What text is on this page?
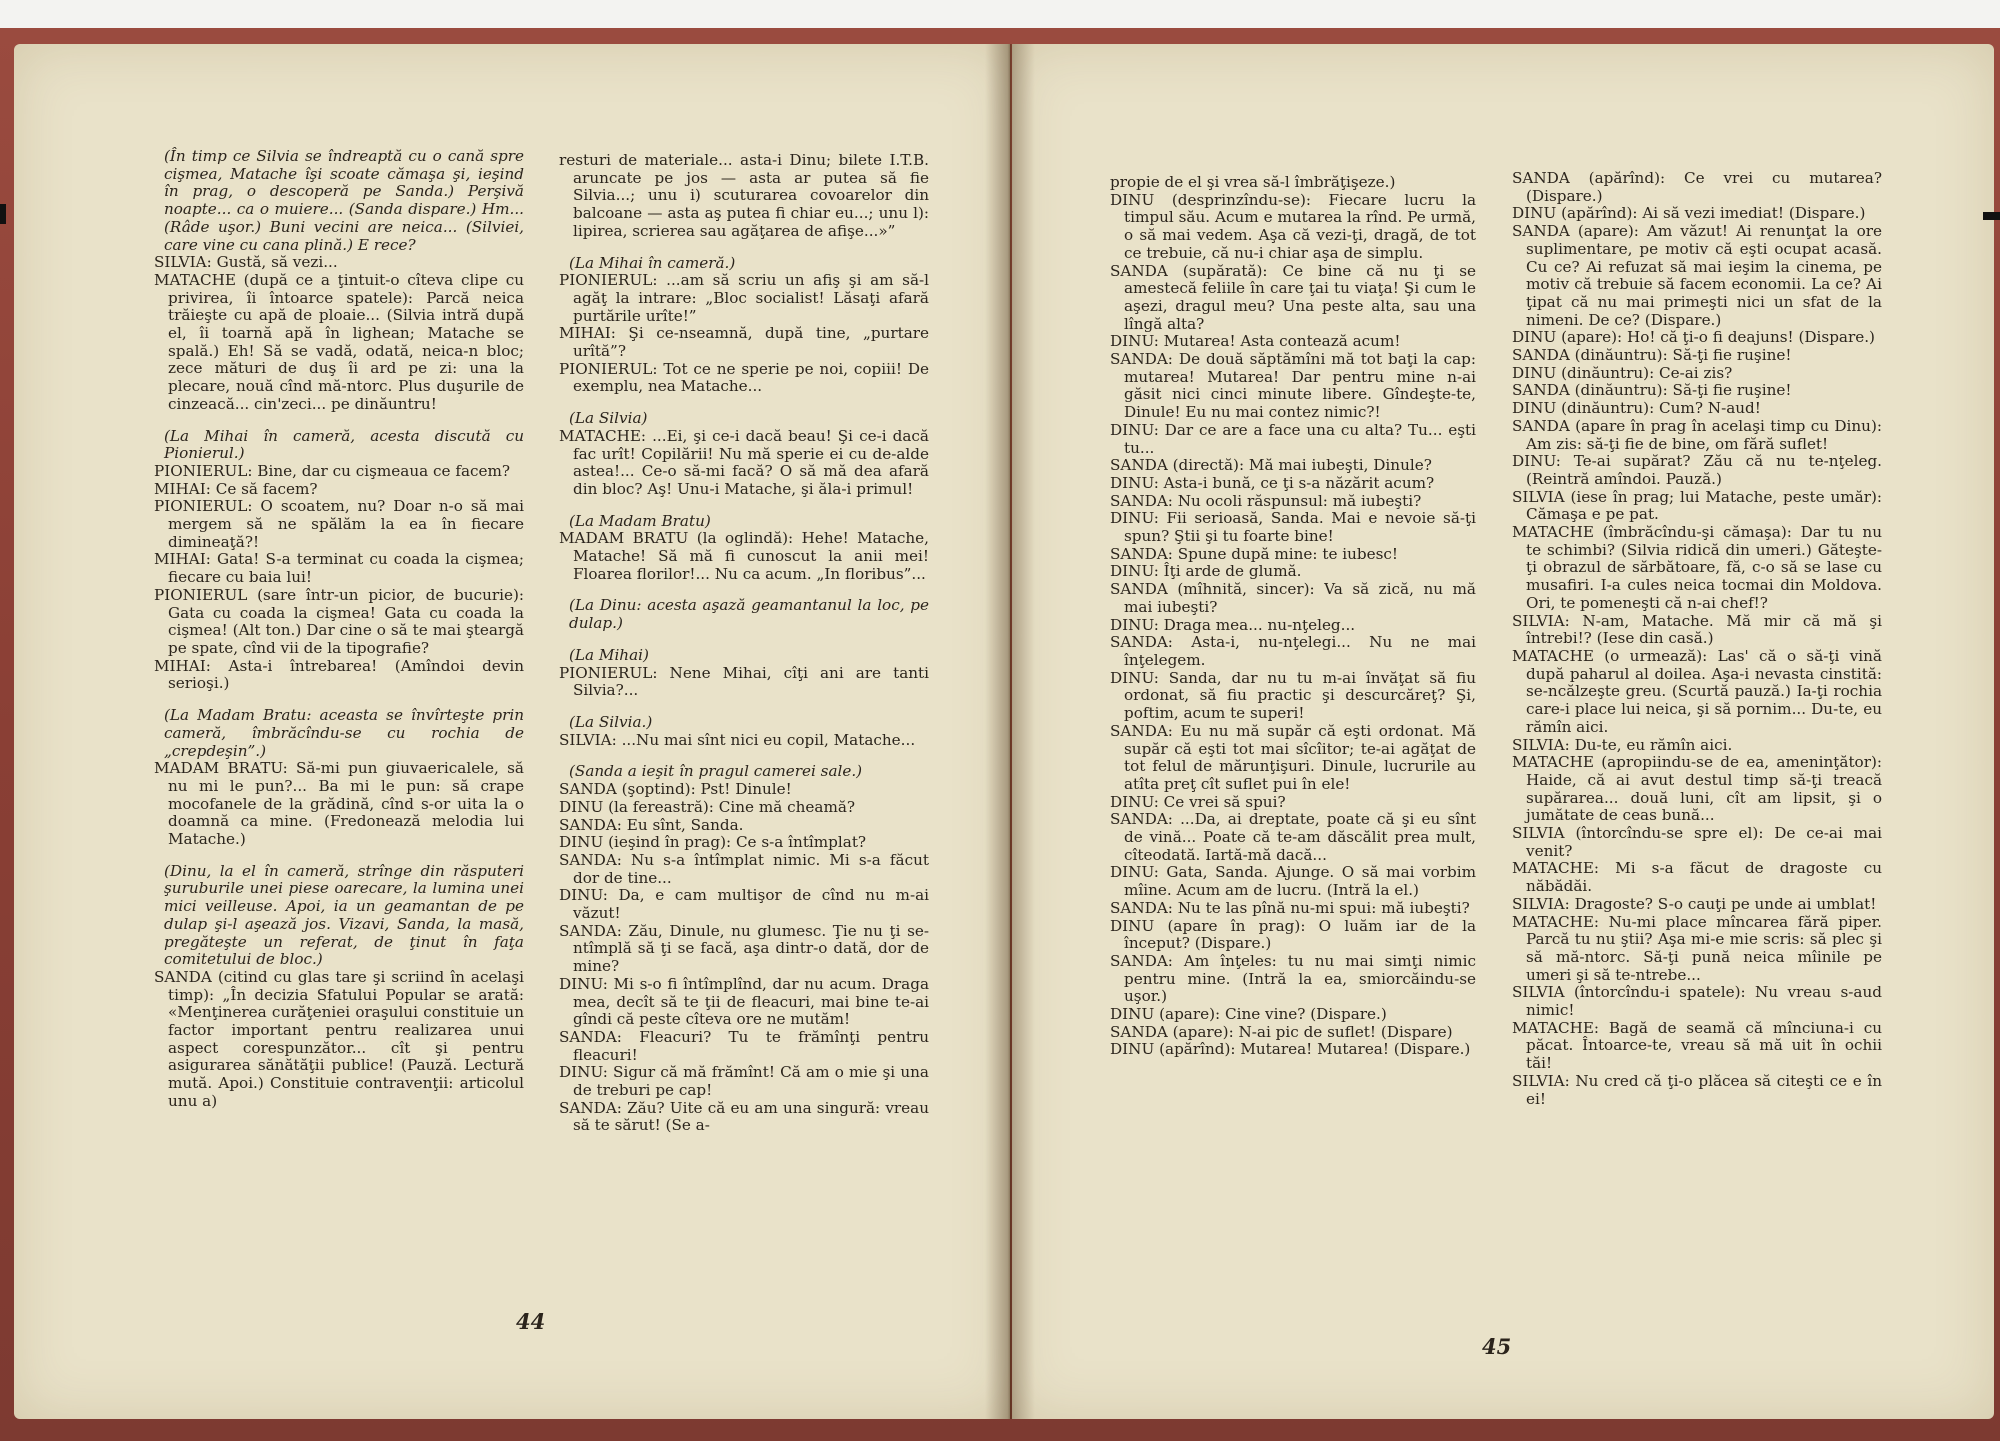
(În timp ce Silvia se îndreaptă cu o cană spre cişmea, Matache îşi scoate cămaşa şi, ieşind în prag, o descoperă pe Sanda.) Perşivă noapte... ca o muiere... (Sanda dispare.) Hm... (Râde uşor.) Buni vecini are neica... (Silviei, care vine cu cana plină.) E rece?

SILVIA: Gustă, să vezi...

MATACHE (după ce a ţintuit-o cîteva clipe cu privirea, îi întoarce spatele): Parcă neica trăieşte cu apă de ploaie... (Silvia intră după el, îi toarnă apă în lighean; Matache se spală.) Eh! Să se vadă, odată, neica-n bloc; zece mături de duş îi ard pe zi: una la plecare, nouă cînd mă-ntorc. Plus duşurile de cinzeacă... cin'zeci... pe dinăuntru!

(La Mihai în cameră, acesta discută cu Pionierul.)

PIONIERUL: Bine, dar cu cişmeaua ce facem?

MIHAI: Ce să facem?

PIONIERUL: O scoatem, nu? Doar n-o să mai mergem să ne spălăm la ea în fiecare dimineaţă?!

MIHAI: Gata! S-a terminat cu coada la cişmea; fiecare cu baia lui!

PIONIERUL (sare într-un picior, de bucurie): Gata cu coada la cişmea! Gata cu coada la cişmea! (Alt ton.) Dar cine o să te mai şteargă pe spate, cînd vii de la tipografie?

MIHAI: Asta-i întrebarea! (Amîndoi devin serioşi.)

(La Madam Bratu: aceasta se învîrteşte prin cameră, îmbrăcîndu-se cu rochia de „crepdeşin”.)

MADAM BRATU: Să-mi pun giuvaericalele, să nu mi le pun?... Ba mi le pun: să crape mocofanele de la grădină, cînd s-or uita la o doamnă ca mine. (Fredonează melodia lui Matache.)

(Dinu, la el în cameră, strînge din răsputeri şuruburile unei piese oarecare, la lumina unei mici veilleuse. Apoi, ia un geamantan de pe dulap şi-l aşează jos. Vizavi, Sanda, la masă, pregăteşte un referat, de ţinut în faţa comitetului de bloc.)

SANDA (citind cu glas tare şi scriind în acelaşi timp): „În decizia Sfatului Popular se arată: «Menţinerea curăţeniei oraşului constituie un factor important pentru realizarea unui aspect corespunzător... cît şi pentru asigurarea sănătăţii publice! (Pauză. Lectură mută. Apoi.) Constituie contravenţii: articolul unu a)

resturi de materiale... asta-i Dinu; bilete I.T.B. aruncate pe jos — asta ar putea să fie Silvia...; unu i) scuturarea covoarelor din balcoane — asta aş putea fi chiar eu...; unu l): lipirea, scrierea sau agăţarea de afişe...»”

(La Mihai în cameră.)

PIONIERUL: ...am să scriu un afiş şi am să-l agăţ la intrare: „Bloc socialist! Lăsaţi afară purtările urîte!”

MIHAI: Şi ce-nseamnă, după tine, „purtare urîtă”?

PIONIERUL: Tot ce ne sperie pe noi, copiii! De exemplu, nea Matache...

(La Silvia)

MATACHE: ...Ei, şi ce-i dacă beau! Şi ce-i dacă fac urît! Copilării! Nu mă sperie ei cu de-alde astea!... Ce-o să-mi facă? O să mă dea afară din bloc? Aş! Unu-i Matache, şi ăla-i primul!

(La Madam Bratu)

MADAM BRATU (la oglindă): Hehe! Matache, Matache! Să mă fi cunoscut la anii mei! Floarea florilor!... Nu ca acum. „In floribus”...

(La Dinu: acesta aşază geamantanul la loc, pe dulap.)

(La Mihai)

PIONIERUL: Nene Mihai, cîţi ani are tanti Silvia?...

(La Silvia.)

SILVIA: ...Nu mai sînt nici eu copil, Matache...

(Sanda a ieşit în pragul camerei sale.)

SANDA (şoptind): Pst! Dinule!

DINU (la fereastră): Cine mă cheamă?

SANDA: Eu sînt, Sanda.

DINU (ieşind în prag): Ce s-a întîmplat?

SANDA: Nu s-a întîmplat nimic. Mi s-a făcut dor de tine...

DINU: Da, e cam multişor de cînd nu m-ai văzut!

SANDA: Zău, Dinule, nu glumesc. Ţie nu ţi se-ntîmplă să ţi se facă, aşa dintr-o dată, dor de mine?

DINU: Mi s-o fi întîmplînd, dar nu acum. Draga mea, decît să te ţii de fleacuri, mai bine te-ai gîndi că peste cîteva ore ne mutăm!

SANDA: Fleacuri? Tu te frămînţi pentru fleacuri!

DINU: Sigur că mă frămînt! Că am o mie şi una de treburi pe cap!

SANDA: Zău? Uite că eu am una singură: vreau să te sărut! (Se a-

44

propie de el şi vrea să-l îmbrăţişeze.)

DINU (desprinzîndu-se): Fiecare lucru la timpul său. Acum e mutarea la rînd. Pe urmă, o să mai vedem. Aşa că vezi-ţi, dragă, de tot ce trebuie, că nu-i chiar aşa de simplu.

SANDA (supărată): Ce bine că nu ţi se amestecă feliile în care ţai tu viaţa! Şi cum le aşezi, dragul meu? Una peste alta, sau una lîngă alta?

DINU: Mutarea! Asta contează acum!

SANDA: De două săptămîni mă tot baţi la cap: mutarea! Mutarea! Dar pentru mine n-ai găsit nici cinci minute libere. Gîndeşte-te, Dinule! Eu nu mai contez nimic?!

DINU: Dar ce are a face una cu alta? Tu... eşti tu...

SANDA (directă): Mă mai iubeşti, Dinule?

DINU: Asta-i bună, ce ţi s-a năzărit acum?

SANDA: Nu ocoli răspunsul: mă iubeşti?

DINU: Fii serioasă, Sanda. Mai e nevoie să-ţi spun? Ştii şi tu foarte bine!

SANDA: Spune după mine: te iubesc!

DINU: Îţi arde de glumă.

SANDA (mîhnită, sincer): Va să zică, nu mă mai iubeşti?

DINU: Draga mea... nu-nţeleg...

SANDA: Asta-i, nu-nţelegi... Nu ne mai înţelegem.

DINU: Sanda, dar nu tu m-ai învăţat să fiu ordonat, să fiu practic şi descurcăreţ? Şi, poftim, acum te superi!

SANDA: Eu nu mă supăr că eşti ordonat. Mă supăr că eşti tot mai sîcîitor; te-ai agăţat de tot felul de mărunţişuri. Dinule, lucrurile au atîta preţ cît suflet pui în ele!

DINU: Ce vrei să spui?

SANDA: ...Da, ai dreptate, poate că şi eu sînt de vină... Poate că te-am dăscălit prea mult, cîteodată. Iartă-mă dacă...

DINU: Gata, Sanda. Ajunge. O să mai vorbim mîine. Acum am de lucru. (Intră la el.)

SANDA: Nu te las pînă nu-mi spui: mă iubeşti?

DINU (apare în prag): O luăm iar de la început? (Dispare.)

SANDA: Am înţeles: tu nu mai simţi nimic pentru mine. (Intră la ea, smiorcăindu-se uşor.)

DINU (apare): Cine vine? (Dispare.)

SANDA (apare): N-ai pic de suflet! (Dispare)

DINU (apărînd): Mutarea! Mutarea! (Dispare.)

SANDA (apărînd): Ce vrei cu mutarea? (Dispare.)

DINU (apărînd): Ai să vezi imediat! (Dispare.)

SANDA (apare): Am văzut! Ai renunţat la ore suplimentare, pe motiv că eşti ocupat acasă. Cu ce? Ai refuzat să mai ieşim la cinema, pe motiv că trebuie să facem economii. La ce? Ai ţipat că nu mai primeşti nici un sfat de la nimeni. De ce? (Dispare.)

DINU (apare): Ho! că ţi-o fi deajuns! (Dispare.)

SANDA (dinăuntru): Să-ţi fie ruşine!

DINU (dinăuntru): Ce-ai zis?

SANDA (dinăuntru): Să-ţi fie ruşine!

DINU (dinăuntru): Cum? N-aud!

SANDA (apare în prag în acelaşi timp cu Dinu): Am zis: să-ţi fie de bine, om fără suflet!

DINU: Te-ai supărat? Zău că nu te-nţeleg. (Reintră amîndoi. Pauză.)

SILVIA (iese în prag; lui Matache, peste umăr): Cămaşa e pe pat.

MATACHE (îmbrăcîndu-şi cămaşa): Dar tu nu te schimbi? (Silvia ridică din umeri.) Găteşte-ţi obrazul de sărbătoare, fă, c-o să se lase cu musafiri. I-a cules neica tocmai din Moldova. Ori, te pomeneşti că n-ai chef!?

SILVIA: N-am, Matache. Mă mir că mă şi întrebi!? (Iese din casă.)

MATACHE (o urmează): Las' că o să-ţi vină după paharul al doilea. Aşa-i nevasta cinstită: se-ncălzeşte greu. (Scurtă pauză.) Ia-ţi rochia care-i place lui neica, şi să pornim... Du-te, eu rămîn aici.

SILVIA: Du-te, eu rămîn aici.

MATACHE (apropiindu-se de ea, ameninţător): Haide, că ai avut destul timp să-ţi treacă supărarea... două luni, cît am lipsit, şi o jumătate de ceas bună...

SILVIA (întorcîndu-se spre el): De ce-ai mai venit?

MATACHE: Mi s-a făcut de dragoste cu năbădăi.

SILVIA: Dragoste? S-o cauţi pe unde ai umblat!

MATACHE: Nu-mi place mîncarea fără piper. Parcă tu nu ştii? Aşa mi-e mie scris: să plec şi să mă-ntorc. Să-ţi pună neica mîinile pe umeri şi să te-ntrebe...

SILVIA (întorcîndu-i spatele): Nu vreau s-aud nimic!

MATACHE: Bagă de seamă că mînciuna-i cu păcat. Întoarce-te, vreau să mă uit în ochii tăi!

SILVIA: Nu cred că ţi-o plăcea să citeşti ce e în ei!

45
